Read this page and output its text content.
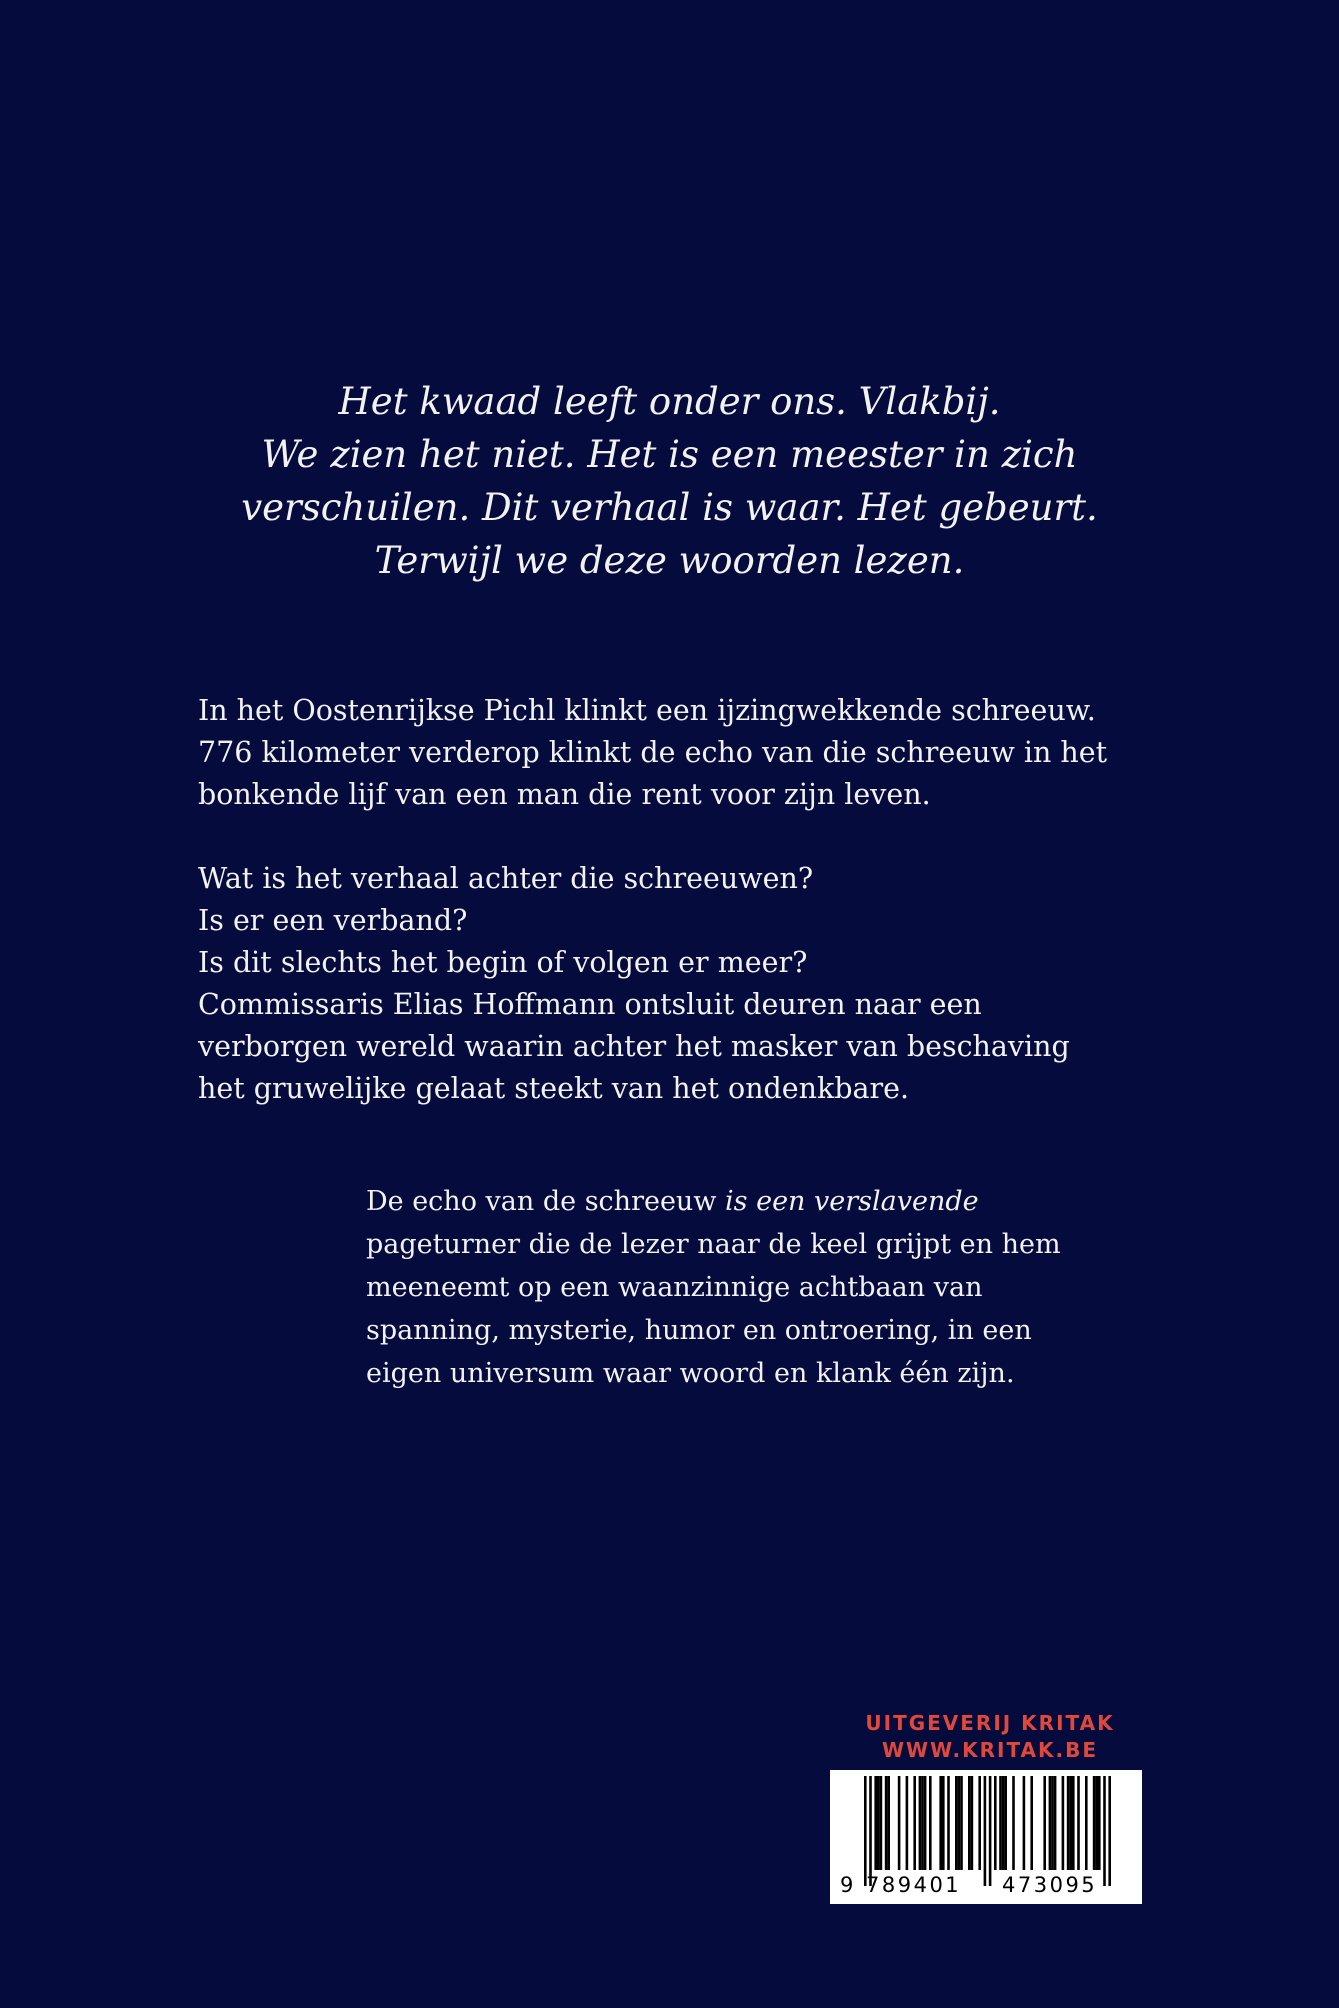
Het kwaad leeft onder ons. Vlakbij.
We zien het niet. Het is een meester in zich
verschuilen. Dit verhaal is waar. Het gebeurt.
Terwijl we deze woorden lezen.
In het Oostenrijkse Pichl klinkt een ijzingwekkende schreeuw.
776 kilometer verderop klinkt de echo van die schreeuw in het
bonkende lijf van een man die rent voor zijn leven.
Wat is het verhaal achter die schreeuwen?
Is er een verband?
Is dit slechts het begin of volgen er meer?
Commissaris Elias Hoffmann ontsluit deuren naar een
verborgen wereld waarin achter het masker van beschaving
het gruwelijke gelaat steekt van het ondenkbare.
De echo van de schreeuw is een verslavende
pageturner die de lezer naar de keel grijpt en hem
meeneemt op een waanzinnige achtbaan van
spanning, mysterie, humor en ontroering, in een
eigen universum waar woord en klank één zijn.
UITGEVERIJ KRITAK
WWW.KRITAK.BE
9 789401 473095
